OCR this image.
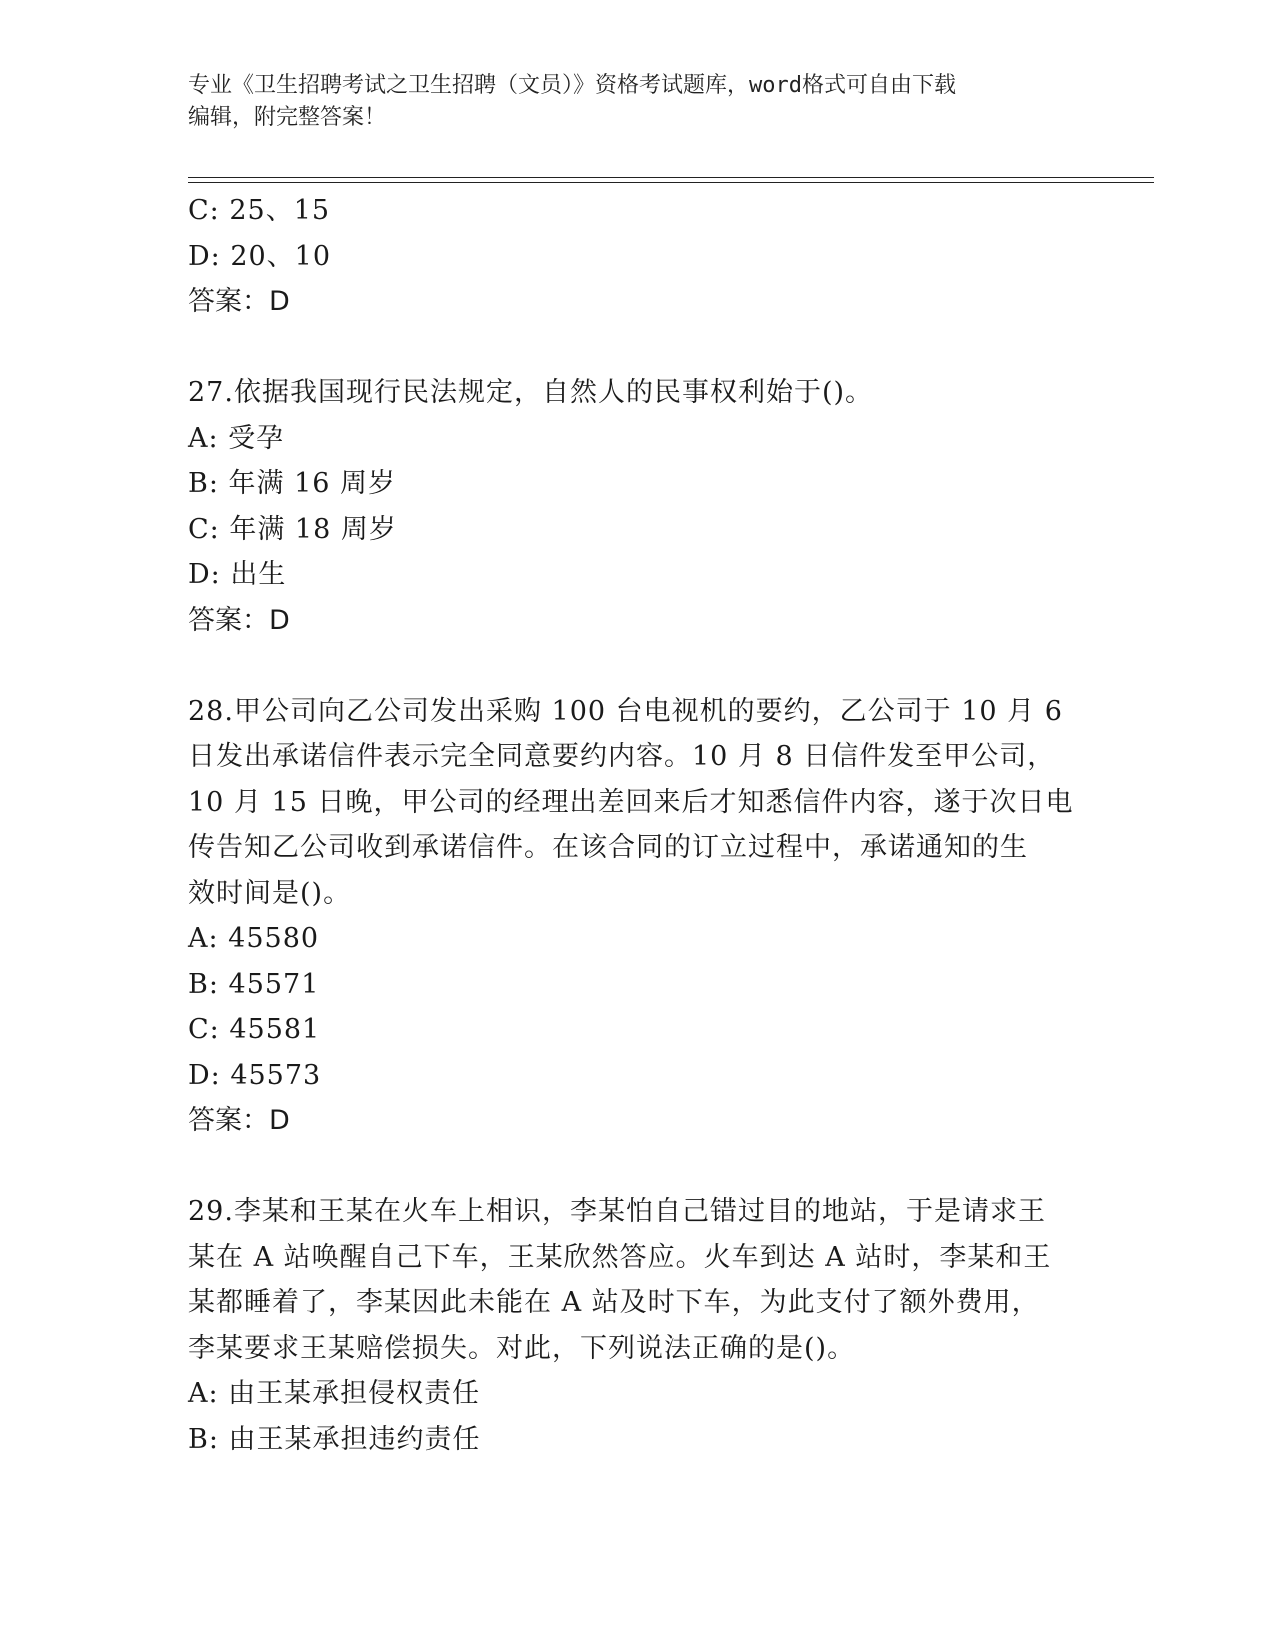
专业《卫生招聘考试之卫生招聘（文员）》资格考试题库，word格式可自由下载
编辑，附完整答案！
C: 25、15
D: 20、10
答案：D
27.依据我国现行民法规定，自然人的民事权利始于()。
A: 受孕
B: 年满 16 周岁
C: 年满 18 周岁
D: 出生
答案：D
28.甲公司向乙公司发出采购 100 台电视机的要约，乙公司于 10 月 6
日发出承诺信件表示完全同意要约内容。10 月 8 日信件发至甲公司，
10 月 15 日晚，甲公司的经理出差回来后才知悉信件内容，遂于次日电
传告知乙公司收到承诺信件。在该合同的订立过程中，承诺通知的生
效时间是()。
A: 45580
B: 45571
C: 45581
D: 45573
答案：D
29.李某和王某在火车上相识，李某怕自己错过目的地站，于是请求王
某在 A 站唤醒自己下车，王某欣然答应。火车到达 A 站时，李某和王
某都睡着了，李某因此未能在 A 站及时下车，为此支付了额外费用，
李某要求王某赔偿损失。对此，下列说法正确的是()。
A: 由王某承担侵权责任
B: 由王某承担违约责任
